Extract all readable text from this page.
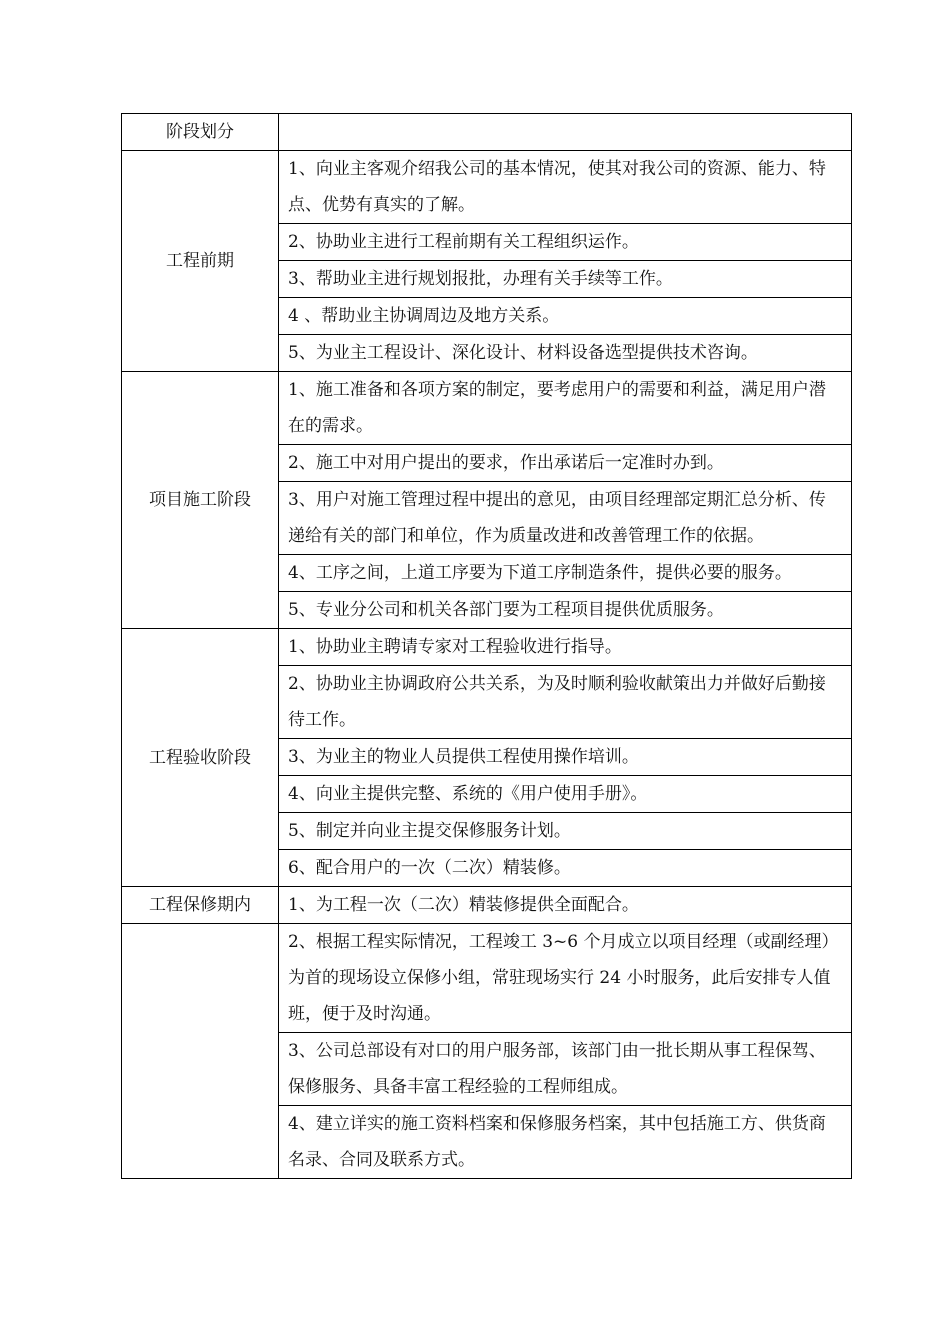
阶段划分	
工程前期	1、向业主客观介绍我公司的基本情况，使其对我公司的资源、能力、特点、优势有真实的了解。
	2、协助业主进行工程前期有关工程组织运作。
	3、帮助业主进行规划报批，办理有关手续等工作。
	4 、帮助业主协调周边及地方关系。
	5、为业主工程设计、深化设计、材料设备选型提供技术咨询。
项目施工阶段	1、施工准备和各项方案的制定，要考虑用户的需要和利益，满足用户潜在的需求。
	2、施工中对用户提出的要求，作出承诺后一定准时办到。
	3、用户对施工管理过程中提出的意见，由项目经理部定期汇总分析、传递给有关的部门和单位，作为质量改进和改善管理工作的依据。
	4、工序之间，上道工序要为下道工序制造条件，提供必要的服务。
	5、专业分公司和机关各部门要为工程项目提供优质服务。
工程验收阶段	1、协助业主聘请专家对工程验收进行指导。
	2、协助业主协调政府公共关系，为及时顺利验收献策出力并做好后勤接待工作。
	3、为业主的物业人员提供工程使用操作培训。
	4、向业主提供完整、系统的《用户使用手册》。
	5、制定并向业主提交保修服务计划。
	6、配合用户的一次（二次）精装修。
工程保修期内	1、为工程一次（二次）精装修提供全面配合。
	2、根据工程实际情况，工程竣工 3~6 个月成立以项目经理（或副经理）为首的现场设立保修小组，常驻现场实行 24 小时服务，此后安排专人值班，便于及时沟通。
	3、公司总部设有对口的用户服务部，该部门由一批长期从事工程保驾、保修服务、具备丰富工程经验的工程师组成。
	4、建立详实的施工资料档案和保修服务档案，其中包括施工方、供货商名录、合同及联系方式。
